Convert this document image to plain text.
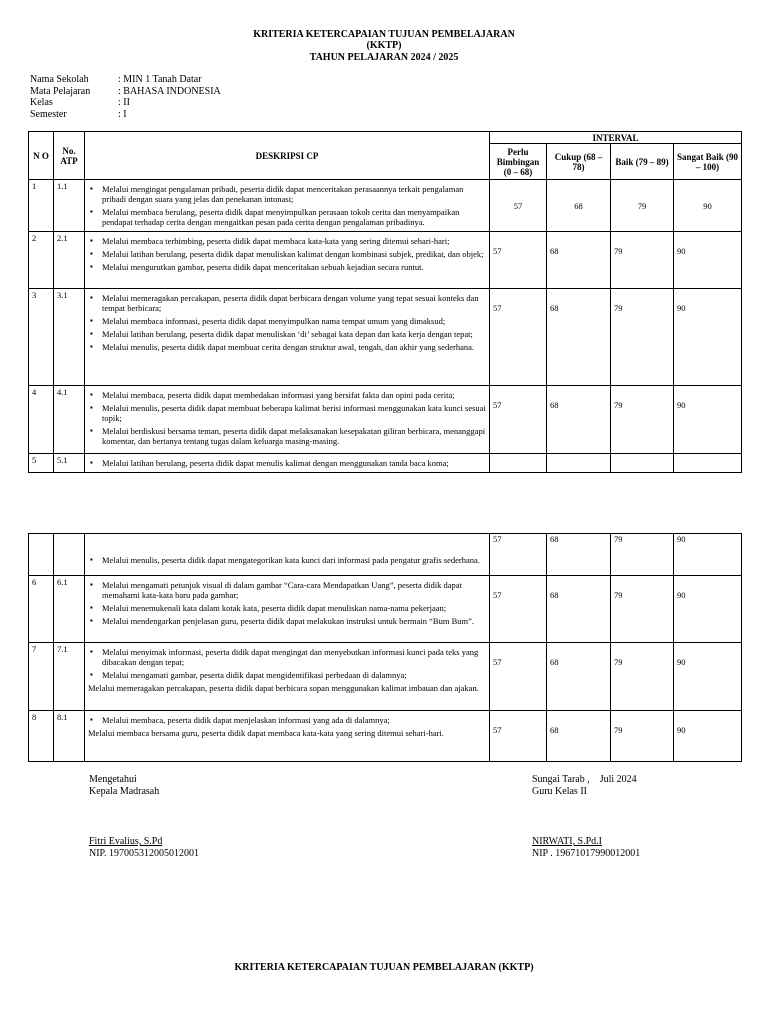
KRITERIA KETERCAPAIAN TUJUAN PEMBELAJARAN
(KKTP)
TAHUN PELAJARAN 2024 / 2025
Nama Sekolah	: MIN 1 Tanah Datar
Mata Pelajaran	: BAHASA INDONESIA
Kelas	: II
Semester	: I
N O	No. ATP	DESKRIPSI CP	INTERVAL			
			Perlu Bimbingan (0 – 68)	Cukup (68 – 78)	Baik (79 – 89)	Sangat Baik (90 – 100)
1	1.1	▪ Melalui mengingat pengalaman pribadi, peserta didik dapat menceritakan perasaannya terkait pengalaman pribadi dengan suara yang jelas dan penekanan intonasi;

▪ Melalui membaca berulang, peserta didik dapat menyimpulkan perasaan tokoh cerita dan menyampaikan pendapat terhadap cerita dengan mengaitkan pesan pada cerita dengan pengalaman pribadinya.	57	68	79	90
2	2.1	▪ Melalui membaca terbimbing, peserta didik dapat membaca kata-kata yang sering ditemui sehari-hari;

▪ Melalui latihan berulang, peserta didik dapat menuliskan kalimat dengan kombinasi subjek, predikat, dan objek;

▪ Melalui mengurutkan gambar, peserta didik dapat menceritakan sebuah kejadian secara runtut.	57	68	79	90
3	3.1	▪ Melalui memeragakan percakapan, peserta didik dapat berbicara dengan volume yang tepat sesuai konteks dan tempat berbicara;

▪ Melalui membaca informasi, peserta didik dapat menyimpulkan nama tempat umum yang dimaksud;

▪ Melalui latihan berulang, peserta didik dapat menuliskan ‘di’ sebagai kata depan dan kata kerja dengan tepat;

▪ Melalui menulis, peserta didik dapat membuat cerita dengan struktur awal, tengah, dan akhir yang sederhana.	57	68	79	90
4	4.1	▪ Melalui membaca, peserta didik dapat membedakan informasi yang bersifat fakta dan opini pada cerita;

▪ Melalui menulis, peserta didik dapat membuat beberapa kalimat berisi informasi menggunakan kata kunci sesuai topik;

▪ Melalui berdiskusi bersama teman, peserta didik dapat melaksanakan kesepakatan giliran berbicara, menanggapi komentar, dan bertanya tentang tugas dalam keluarga masing-masing.	57	68	79	90
5	5.1	▪ Melalui latihan berulang, peserta didik dapat menulis kalimat dengan menggunakan tanda baca koma;

		▪ Melalui menulis, peserta didik dapat mengategorikan kata kunci dari informasi pada pengatur grafis sederhana.	57	68	79	90
6	6.1	▪ Melalui mengamati petunjuk visual di dalam gambar “Cara-cara Mendapatkan Uang”, peserta didik dapat memahami kata-kata baru pada gambar;

▪ Melalui menemukenali kata dalam kotak kata, peserta didik dapat menuliskan nama-nama pekerjaan;

▪ Melalui mendengarkan penjelasan guru, peserta didik dapat melakukan instruksi untuk bermain “Bum Bum”.	57	68	79	90
7	7.1	▪ Melalui menyimak informasi, peserta didik dapat mengingat dan menyebutkan informasi kunci pada teks yang dibacakan dengan tepat;

▪ Melalui mengamati gambar, peserta didik dapat mengidentifikasi perbedaan di dalamnya;

Melalui memeragakan percakapan, peserta didik dapat berbicara sopan menggunakan kalimat imbauan dan ajakan.	57	68	79	90
8	8.1	▪ Melalui membaca, peserta didik dapat menjelaskan informasi yang ada di dalamnya;

Melalui membaca bersama guru, peserta didik dapat membaca kata-kata yang sering ditemui sehari-hari.	57	68	79	90
Mengetahui
Kepala Madrasah
Fitri Evalius, S.Pd
NIP. 197005312005012001
Sungai Tarab ,    Juli 2024
Guru Kelas II
NIRWATI, S.Pd.I
NIP . 19671017990012001
KRITERIA KETERCAPAIAN TUJUAN PEMBELAJARAN (KKTP)
